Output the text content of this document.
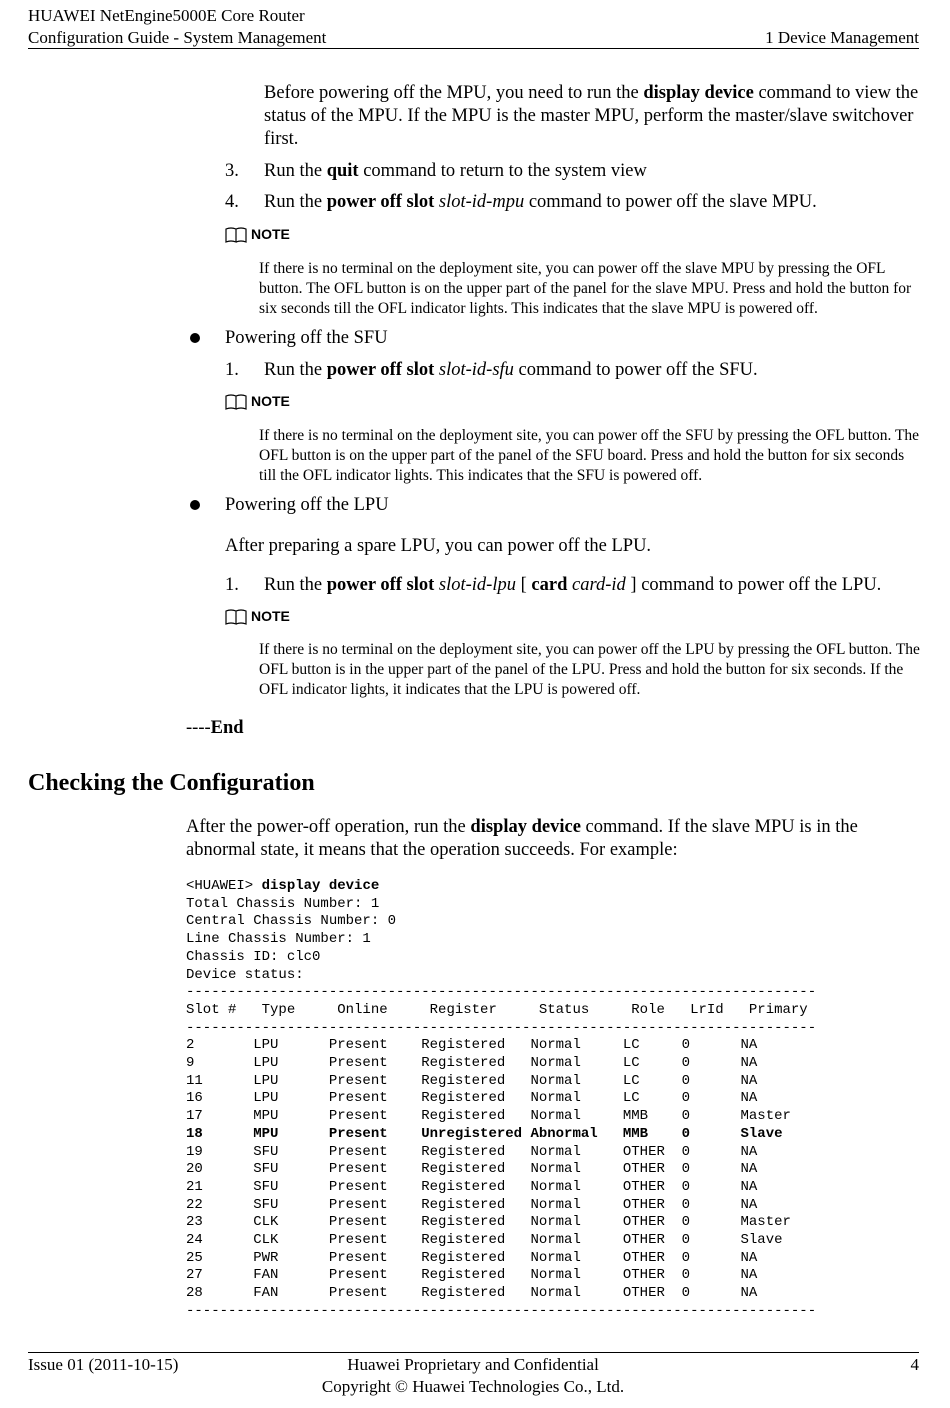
HUAWEI NetEngine5000E Core Router
Configuration Guide - System Management	1 Device Management
Before powering off the MPU, you need to run the display device command to view the status of the MPU. If the MPU is the master MPU, perform the master/slave switchover first.
3. Run the quit command to return to the system view
4. Run the power off slot slot-id-mpu command to power off the slave MPU.
NOTE
If there is no terminal on the deployment site, you can power off the slave MPU by pressing the OFL button. The OFL button is on the upper part of the panel for the slave MPU. Press and hold the button for six seconds till the OFL indicator lights. This indicates that the slave MPU is powered off.
Powering off the SFU
1. Run the power off slot slot-id-sfu command to power off the SFU.
NOTE
If there is no terminal on the deployment site, you can power off the SFU by pressing the OFL button. The OFL button is on the upper part of the panel of the SFU board. Press and hold the button for six seconds till the OFL indicator lights. This indicates that the SFU is powered off.
Powering off the LPU
After preparing a spare LPU, you can power off the LPU.
1. Run the power off slot slot-id-lpu [ card card-id ] command to power off the LPU.
NOTE
If there is no terminal on the deployment site, you can power off the LPU by pressing the OFL button. The OFL button is in the upper part of the panel of the LPU. Press and hold the button for six seconds. If the OFL indicator lights, it indicates that the LPU is powered off.
----End
Checking the Configuration
After the power-off operation, run the display device command. If the slave MPU is in the abnormal state, it means that the operation succeeds. For example:
<HUAWEI> display device
Total Chassis Number: 1
Central Chassis Number: 0
Line Chassis Number: 1
Chassis ID: clc0
Device status:
---------------------------------------------------------------------------
Slot #   Type     Online     Register     Status     Role   LrId   Primary
---------------------------------------------------------------------------
2       LPU      Present    Registered   Normal     LC     0      NA
9       LPU      Present    Registered   Normal     LC     0      NA
11      LPU      Present    Registered   Normal     LC     0      NA
16      LPU      Present    Registered   Normal     LC     0      NA
17      MPU      Present    Registered   Normal     MMB    0      Master
18      MPU      Present    Unregistered Abnormal   MMB    0      Slave
19      SFU      Present    Registered   Normal     OTHER  0      NA
20      SFU      Present    Registered   Normal     OTHER  0      NA
21      SFU      Present    Registered   Normal     OTHER  0      NA
22      SFU      Present    Registered   Normal     OTHER  0      NA
23      CLK      Present    Registered   Normal     OTHER  0      Master
24      CLK      Present    Registered   Normal     OTHER  0      Slave
25      PWR      Present    Registered   Normal     OTHER  0      NA
27      FAN      Present    Registered   Normal     OTHER  0      NA
28      FAN      Present    Registered   Normal     OTHER  0      NA
---------------------------------------------------------------------------
Issue 01 (2011-10-15)	Huawei Proprietary and Confidential
Copyright © Huawei Technologies Co., Ltd.
4
